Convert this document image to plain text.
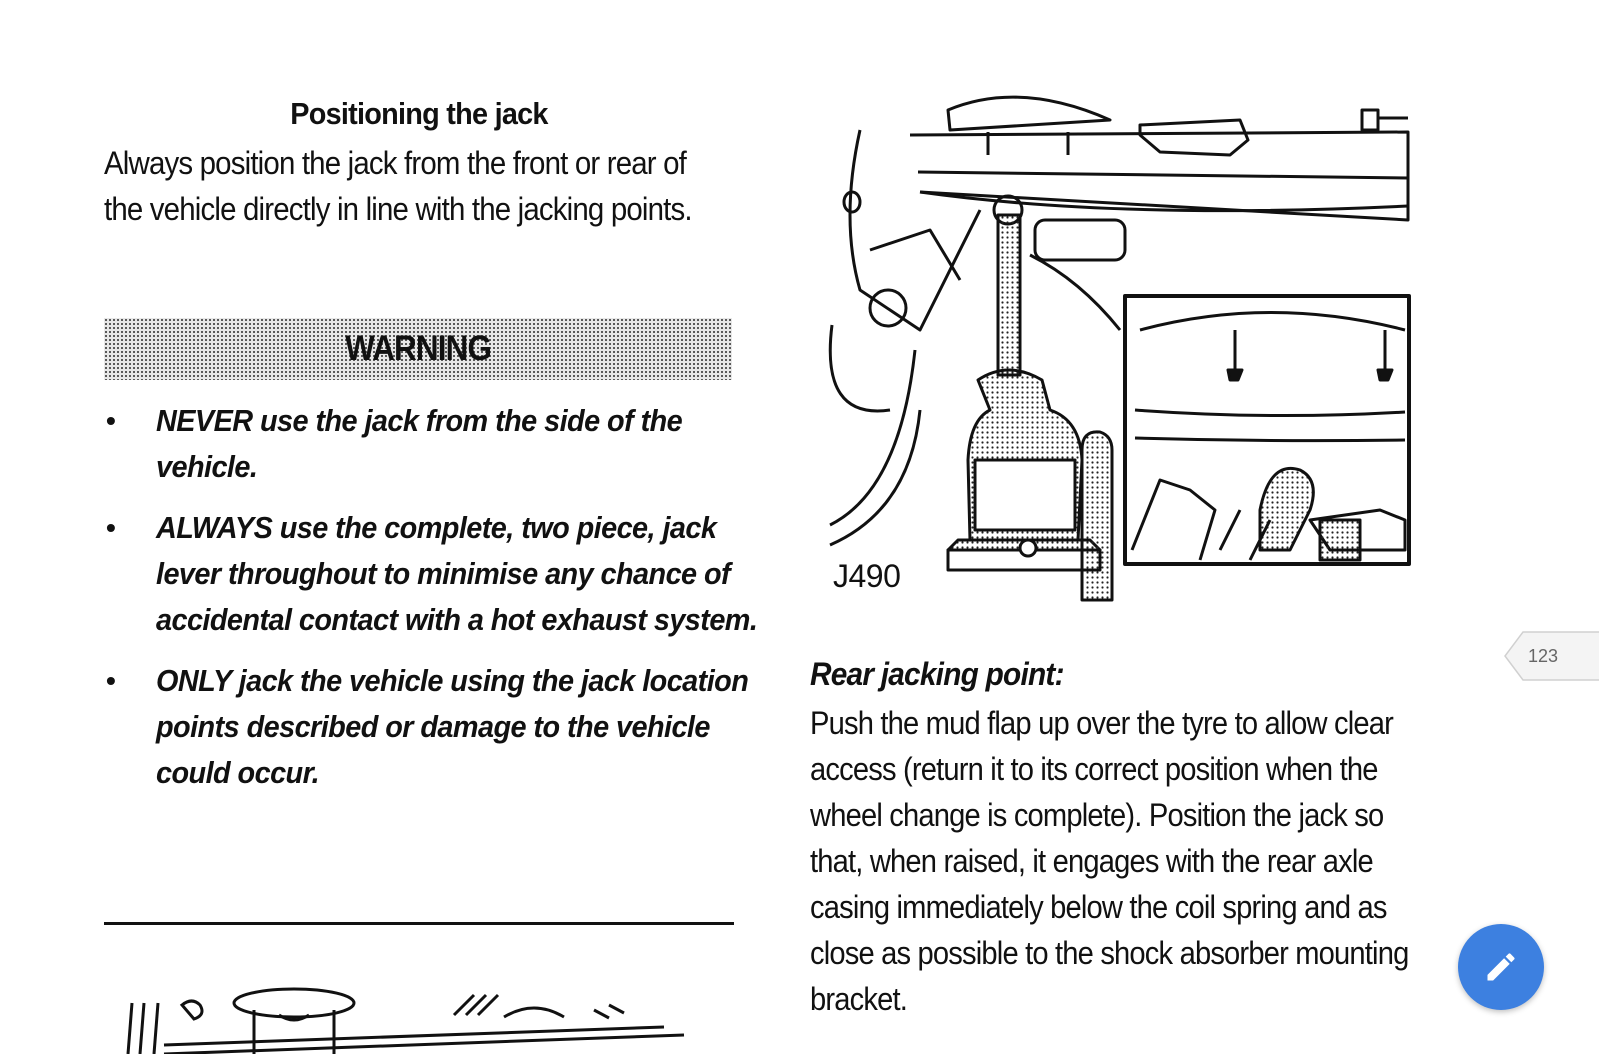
Positioning the jack
Always position the jack from the front or rear of the vehicle directly in line with the jacking points.
WARNING
• NEVER use the jack from the side of the vehicle.
• ALWAYS use the complete, two piece, jack lever throughout to minimise any chance of accidental contact with a hot exhaust system.
• ONLY jack the vehicle using the jack location points described or damage to the vehicle could occur.
J490
Rear jacking point:
Push the mud flap up over the tyre to allow clear access (return it to its correct position when the wheel change is complete). Position the jack so that, when raised, it engages with the rear axle casing immediately below the coil spring and as close as possible to the shock absorber mounting bracket.
123
